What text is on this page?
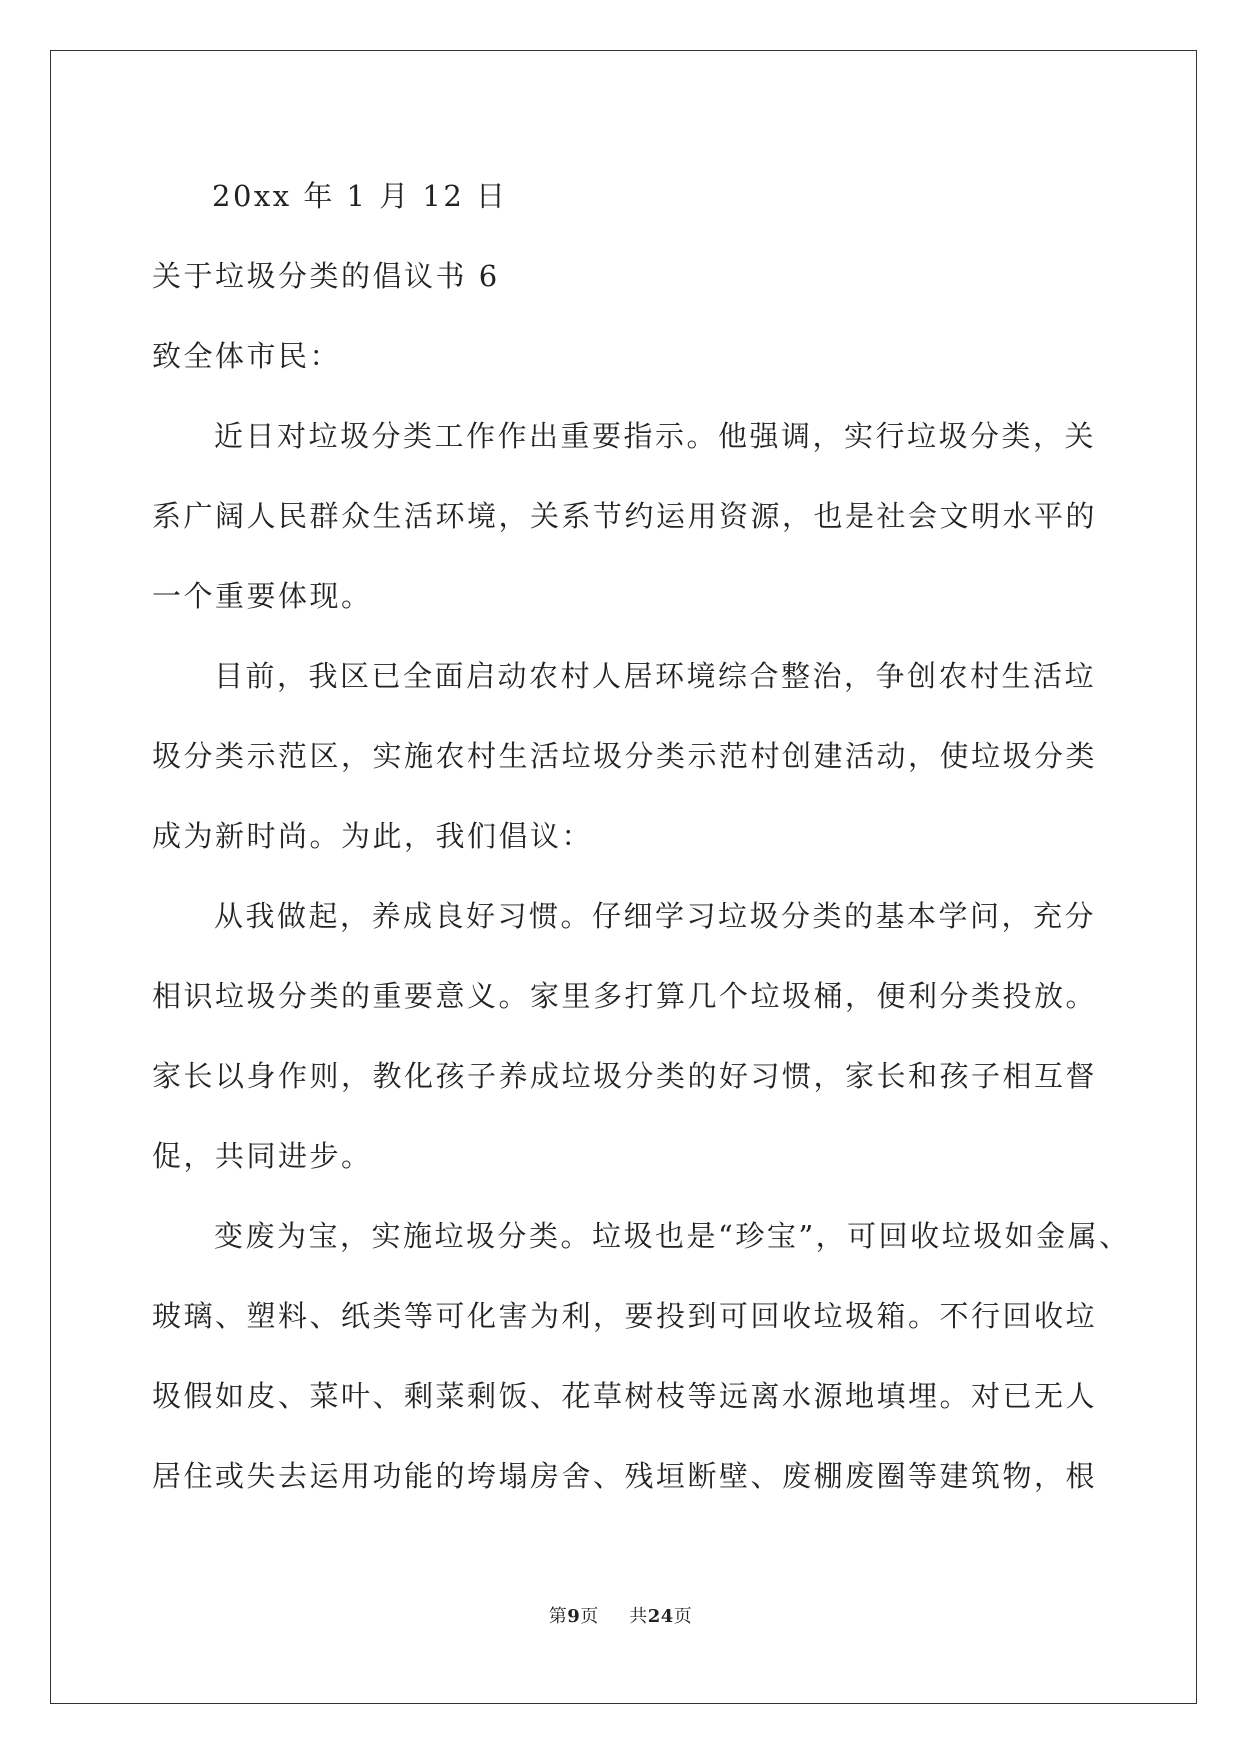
20xx 年 1 月 12 日
关于垃圾分类的倡议书 6
致全体市民：
近日对垃圾分类工作作出重要指示。他强调，实行垃圾分类，关
系广阔人民群众生活环境，关系节约运用资源，也是社会文明水平的
一个重要体现。
目前，我区已全面启动农村人居环境综合整治，争创农村生活垃
圾分类示范区，实施农村生活垃圾分类示范村创建活动，使垃圾分类
成为新时尚。为此，我们倡议：
从我做起，养成良好习惯。仔细学习垃圾分类的基本学问，充分
相识垃圾分类的重要意义。家里多打算几个垃圾桶，便利分类投放。
家长以身作则，教化孩子养成垃圾分类的好习惯，家长和孩子相互督
促，共同进步。
变废为宝，实施垃圾分类。垃圾也是“珍宝”，可回收垃圾如金属、
玻璃、塑料、纸类等可化害为利，要投到可回收垃圾箱。不行回收垃
圾假如皮、菜叶、剩菜剩饭、花草树枝等远离水源地填埋。对已无人
居住或失去运用功能的垮塌房舍、残垣断壁、废棚废圈等建筑物，根
第9页 共24页
